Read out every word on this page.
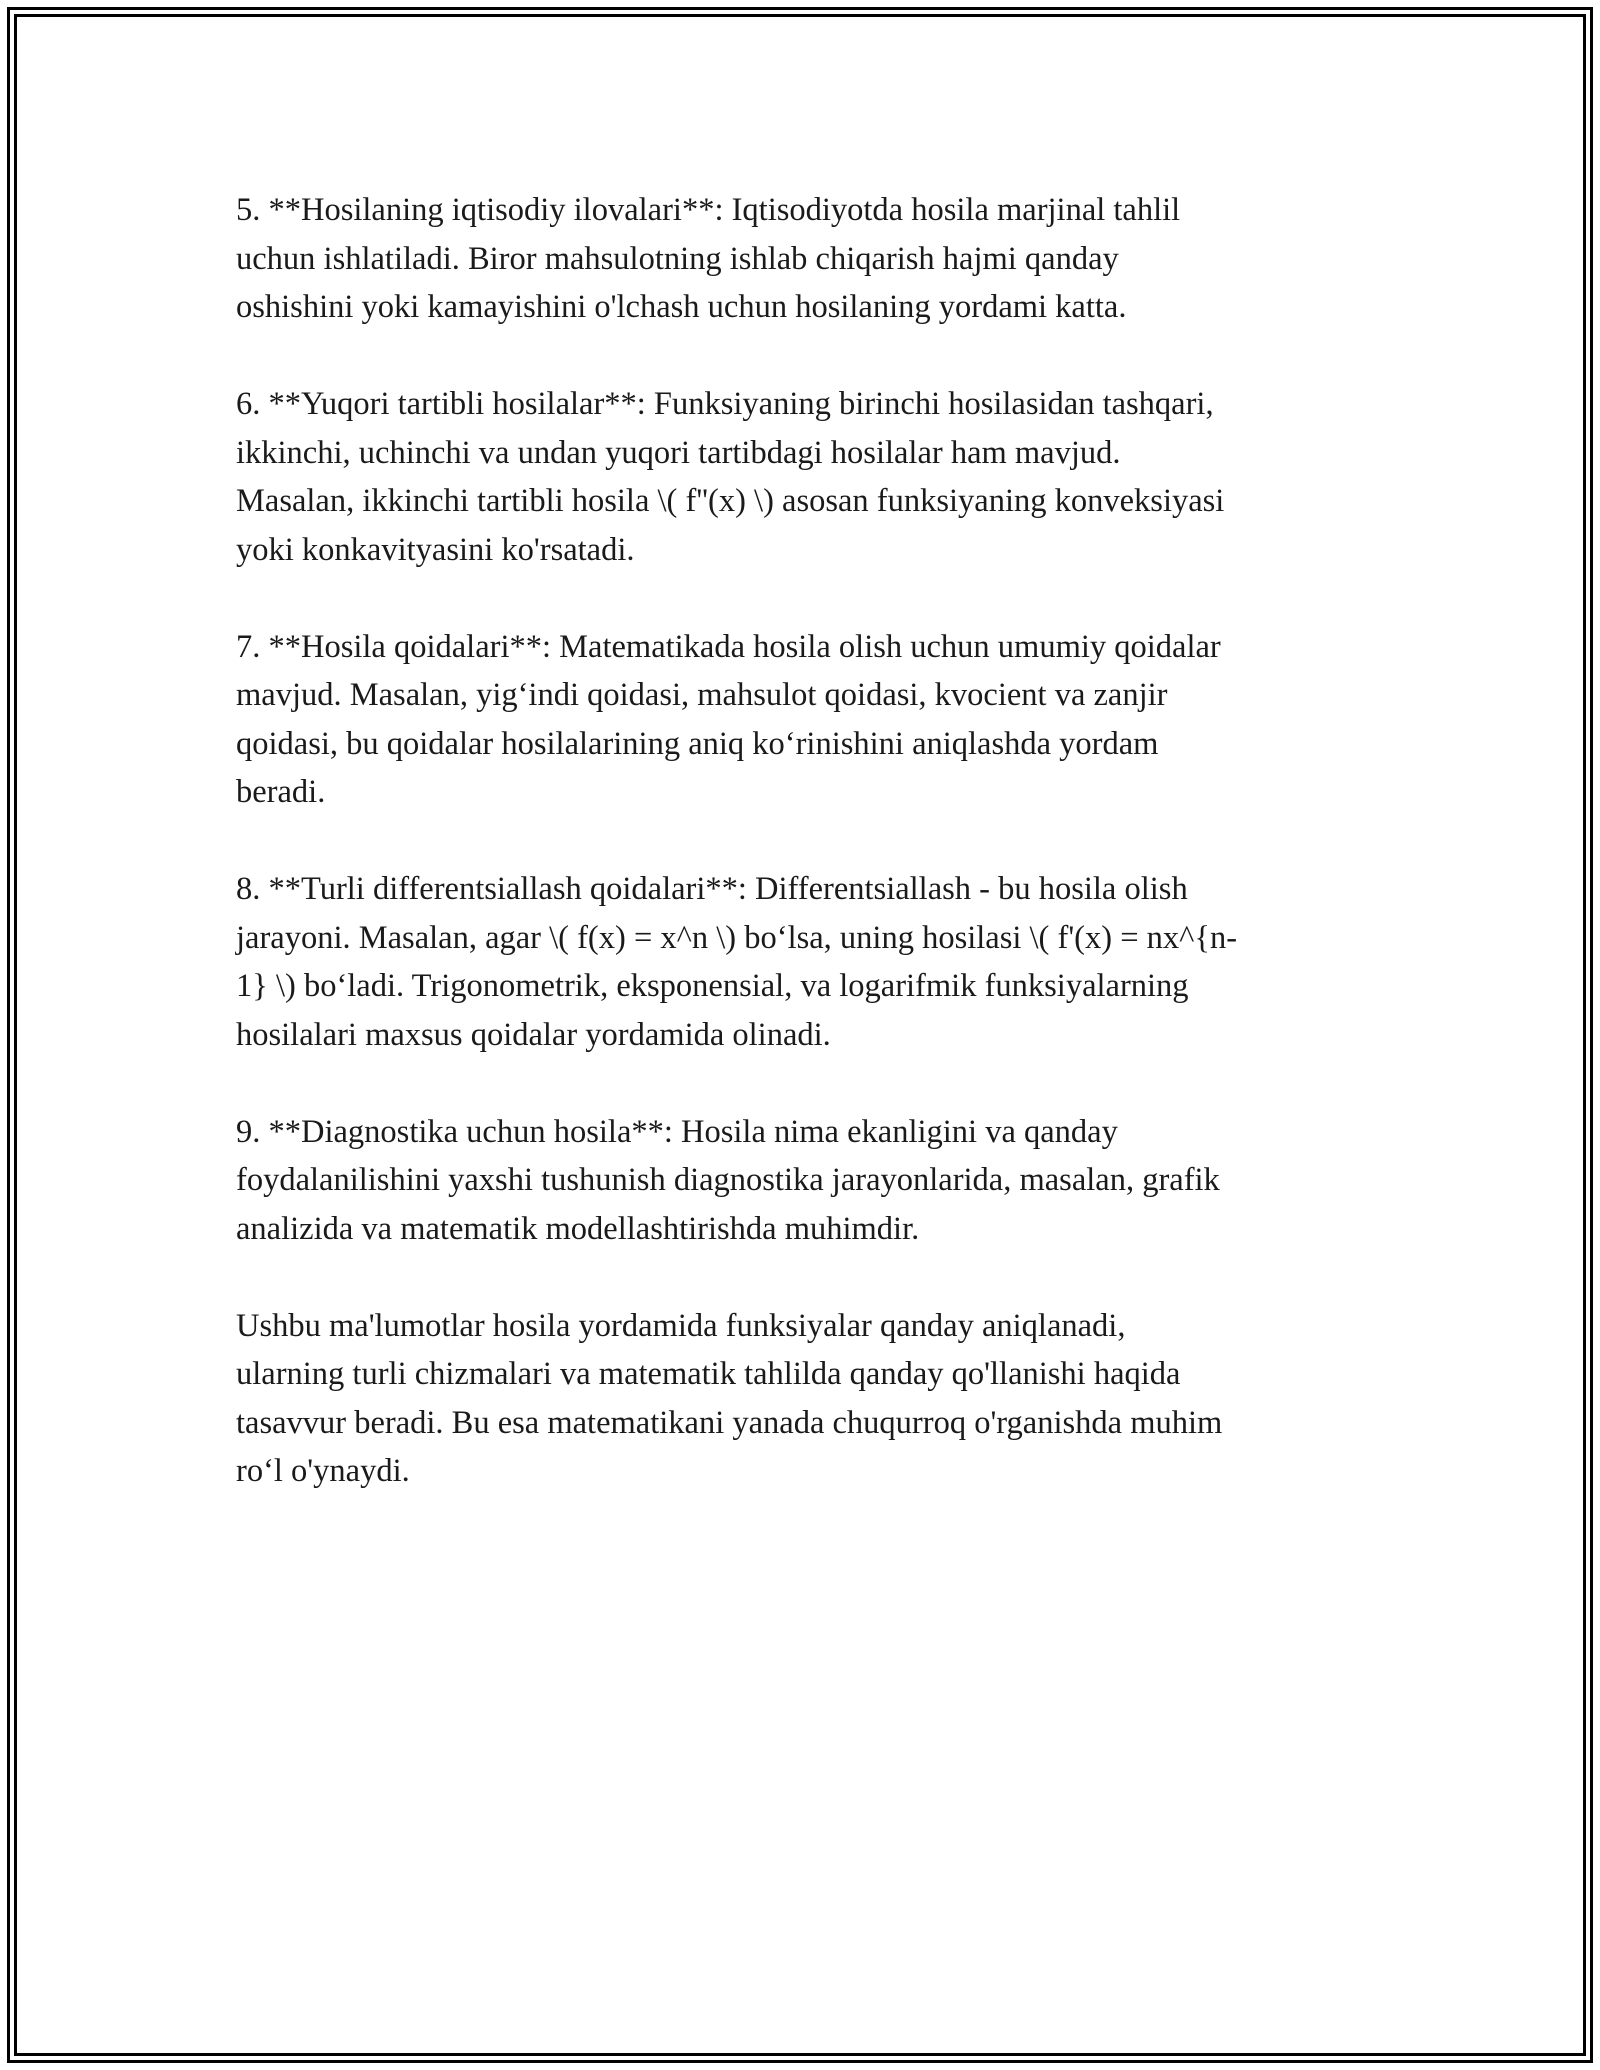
5. **Hosilaning iqtisodiy ilovalari**: Iqtisodiyotda hosila marjinal tahlil
uchun ishlatiladi. Biror mahsulotning ishlab chiqarish hajmi qanday
oshishini yoki kamayishini o'lchash uchun hosilaning yordami katta.

6. **Yuqori tartibli hosilalar**: Funksiyaning birinchi hosilasidan tashqari,
ikkinchi, uchinchi va undan yuqori tartibdagi hosilalar ham mavjud.
Masalan, ikkinchi tartibli hosila \( f''(x) \) asosan funksiyaning konveksiyasi
yoki konkavityasini ko'rsatadi.

7. **Hosila qoidalari**: Matematikada hosila olish uchun umumiy qoidalar
mavjud. Masalan, yig‘indi qoidasi, mahsulot qoidasi, kvocient va zanjir
qoidasi, bu qoidalar hosilalarining aniq ko‘rinishini aniqlashda yordam
beradi.

8. **Turli differentsiallash qoidalari**: Differentsiallash - bu hosila olish
jarayoni. Masalan, agar \( f(x) = x^n \) bo‘lsa, uning hosilasi \( f'(x) = nx^{n-
1} \) bo‘ladi. Trigonometrik, eksponensial, va logarifmik funksiyalarning
hosilalari maxsus qoidalar yordamida olinadi.

9. **Diagnostika uchun hosila**: Hosila nima ekanligini va qanday
foydalanilishini yaxshi tushunish diagnostika jarayonlarida, masalan, grafik
analizida va matematik modellashtirishda muhimdir.

Ushbu ma'lumotlar hosila yordamida funksiyalar qanday aniqlanadi,
ularning turli chizmalari va matematik tahlilda qanday qo'llanishi haqida
tasavvur beradi. Bu esa matematikani yanada chuqurroq o'rganishda muhim
ro‘l o'ynaydi.
